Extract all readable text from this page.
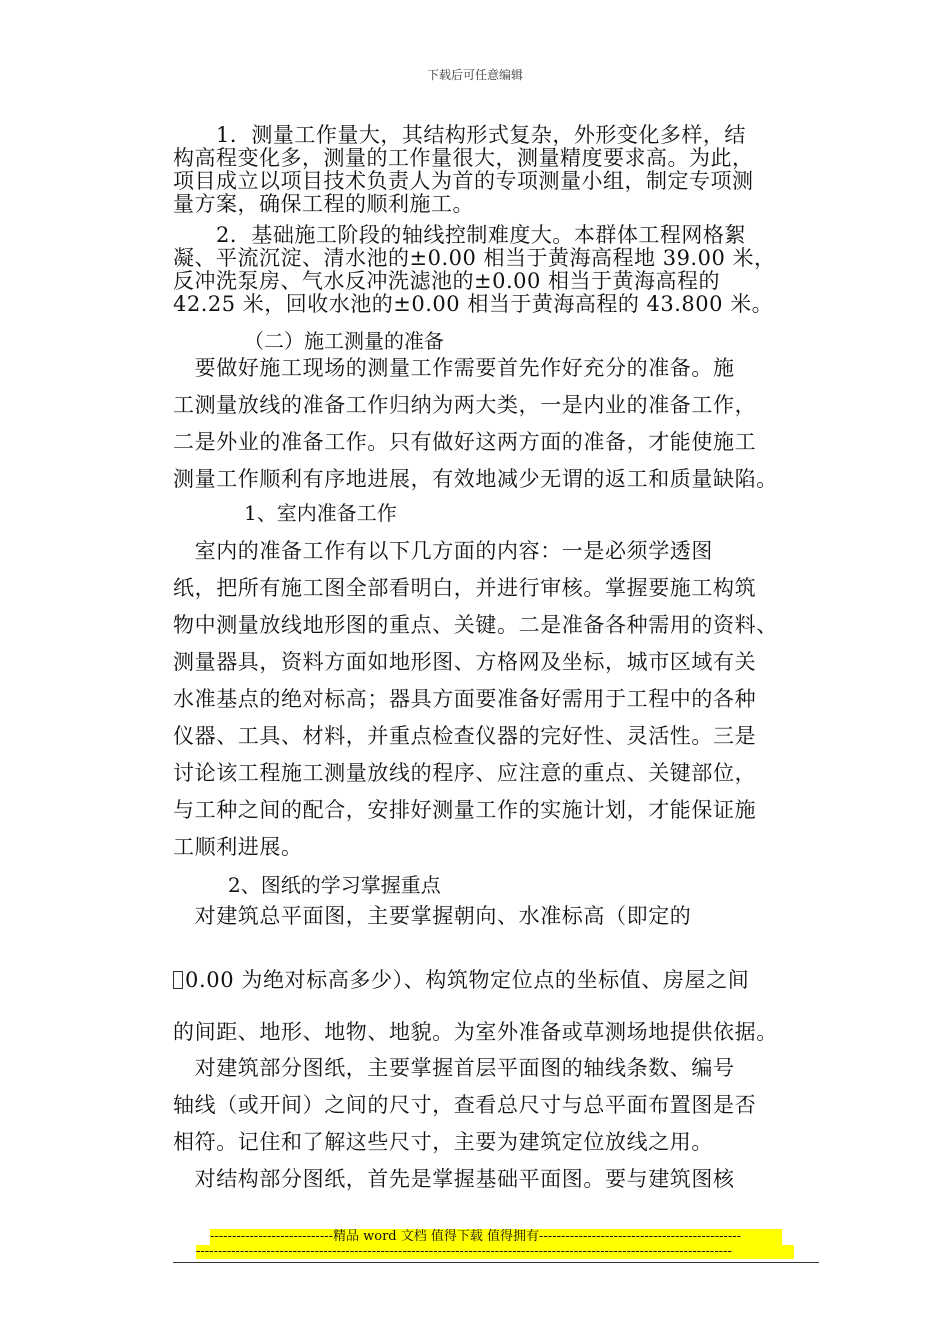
下载后可任意编辑
　　1．测量工作量大，其结构形式复杂，外形变化多样，结
构高程变化多，测量的工作量很大，测量精度要求高。为此，
项目成立以项目技术负责人为首的专项测量小组，制定专项测
量方案，确保工程的顺利施工。
　　2．基础施工阶段的轴线控制难度大。本群体工程网格絮
凝、平流沉淀、清水池的±0.00 相当于黄海高程地 39.00 米，
反冲洗泵房、气水反冲洗滤池的±0.00 相当于黄海高程的
42.25 米，回收水池的±0.00 相当于黄海高程的 43.800 米。
（二）施工测量的准备
　要做好施工现场的测量工作需要首先作好充分的准备。施
工测量放线的准备工作归纳为两大类，一是内业的准备工作，
二是外业的准备工作。只有做好这两方面的准备，才能使施工
测量工作顺利有序地进展，有效地减少无谓的返工和质量缺陷。
1、室内准备工作
　室内的准备工作有以下几方面的内容：一是必须学透图
纸，把所有施工图全部看明白，并进行审核。掌握要施工构筑
物中测量放线地形图的重点、关键。二是准备各种需用的资料、
测量器具，资料方面如地形图、方格网及坐标，城市区域有关
水准基点的绝对标高；器具方面要准备好需用于工程中的各种
仪器、工具、材料，并重点检查仪器的完好性、灵活性。三是
讨论该工程施工测量放线的程序、应注意的重点、关键部位，
与工种之间的配合，安排好测量工作的实施计划，才能保证施
工顺利进展。
2、图纸的学习掌握重点
　对建筑总平面图，主要掌握朝向、水准标高（即定的
0.00 为绝对标高多少）、构筑物定位点的坐标值、房屋之间
的间距、地形、地物、地貌。为室外准备或草测场地提供依据。
　对建筑部分图纸，主要掌握首层平面图的轴线条数、编号
轴线（或开间）之间的尺寸，查看总尺寸与总平面布置图是否
相符。记住和了解这些尺寸，主要为建筑定位放线之用。
　对结构部分图纸，首先是掌握基础平面图。要与建筑图核
----------------------------精品 word 文档 值得下载 值得拥有----------------------------------------------
--------------------------------------------------------------------------------------------------------------------------
